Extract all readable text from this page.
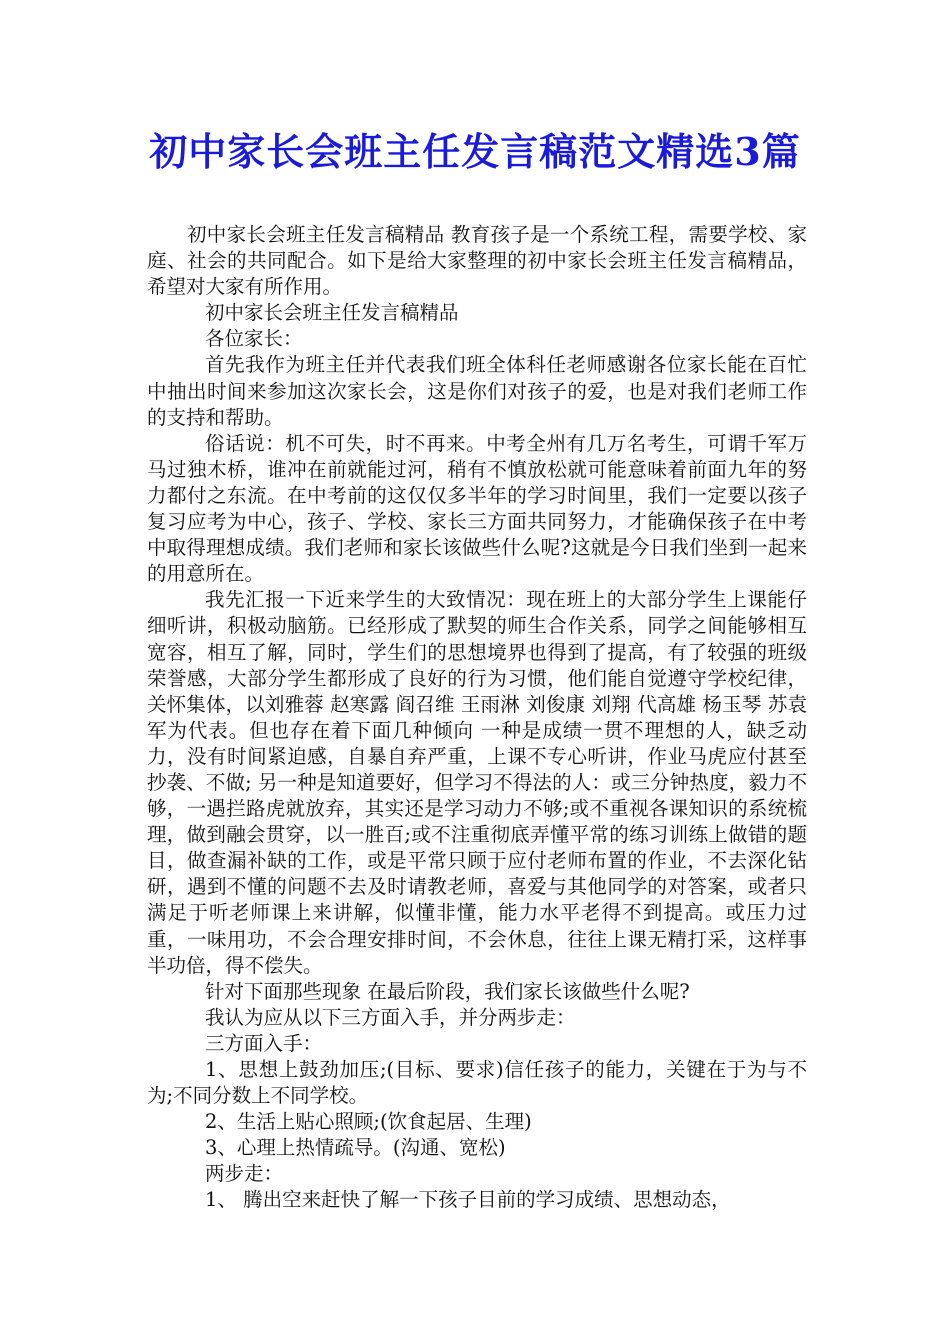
初中家长会班主任发言稿范文精选3篇

初中家长会班主任发言稿精品 教育孩子是一个系统工程，需要学校、家庭、社会的共同配合。如下是给大家整理的初中家长会班主任发言稿精品，希望对大家有所作用。

初中家长会班主任发言稿精品

各位家长：

首先我作为班主任并代表我们班全体科任老师感谢各位家长能在百忙中抽出时间来参加这次家长会，这是你们对孩子的爱，也是对我们老师工作的支持和帮助。

俗话说：机不可失，时不再来。中考全州有几万名考生，可谓千军万马过独木桥，谁冲在前就能过河，稍有不慎放松就可能意味着前面九年的努力都付之东流。在中考前的这仅仅多半年的学习时间里，我们一定要以孩子复习应考为中心，孩子、学校、家长三方面共同努力，才能确保孩子在中考中取得理想成绩。我们老师和家长该做些什么呢?这就是今日我们坐到一起来的用意所在。

我先汇报一下近来学生的大致情况：现在班上的大部分学生上课能仔细听讲，积极动脑筋。已经形成了默契的师生合作关系，同学之间能够相互宽容，相互了解，同时，学生们的思想境界也得到了提高，有了较强的班级荣誉感，大部分学生都形成了良好的行为习惯，他们能自觉遵守学校纪律，关怀集体，以刘雅蓉 赵寒露 阎召维 王雨淋 刘俊康 刘翔 代高雄 杨玉琴 苏袁军为代表。但也存在着下面几种倾向 一种是成绩一贯不理想的人，缺乏动力，没有时间紧迫感，自暴自弃严重，上课不专心听讲，作业马虎应付甚至抄袭、不做; 另一种是知道要好，但学习不得法的人：或三分钟热度，毅力不够，一遇拦路虎就放弃，其实还是学习动力不够;或不重视各课知识的系统梳理，做到融会贯穿，以一胜百;或不注重彻底弄懂平常的练习训练上做错的题目，做查漏补缺的工作，或是平常只顾于应付老师布置的作业，不去深化钻研，遇到不懂的问题不去及时请教老师，喜爱与其他同学的对答案，或者只满足于听老师课上来讲解，似懂非懂，能力水平老得不到提高。或压力过重，一味用功，不会合理安排时间，不会休息，往往上课无精打采，这样事半功倍，得不偿失。

针对下面那些现象 在最后阶段，我们家长该做些什么呢?

我认为应从以下三方面入手，并分两步走：

三方面入手：

1、思想上鼓劲加压;(目标、要求)信任孩子的能力，关键在于为与不为;不同分数上不同学校。

2、生活上贴心照顾;(饮食起居、生理)

3、心理上热情疏导。(沟通、宽松)

两步走：

1、 腾出空来赶快了解一下孩子目前的学习成绩、思想动态，
